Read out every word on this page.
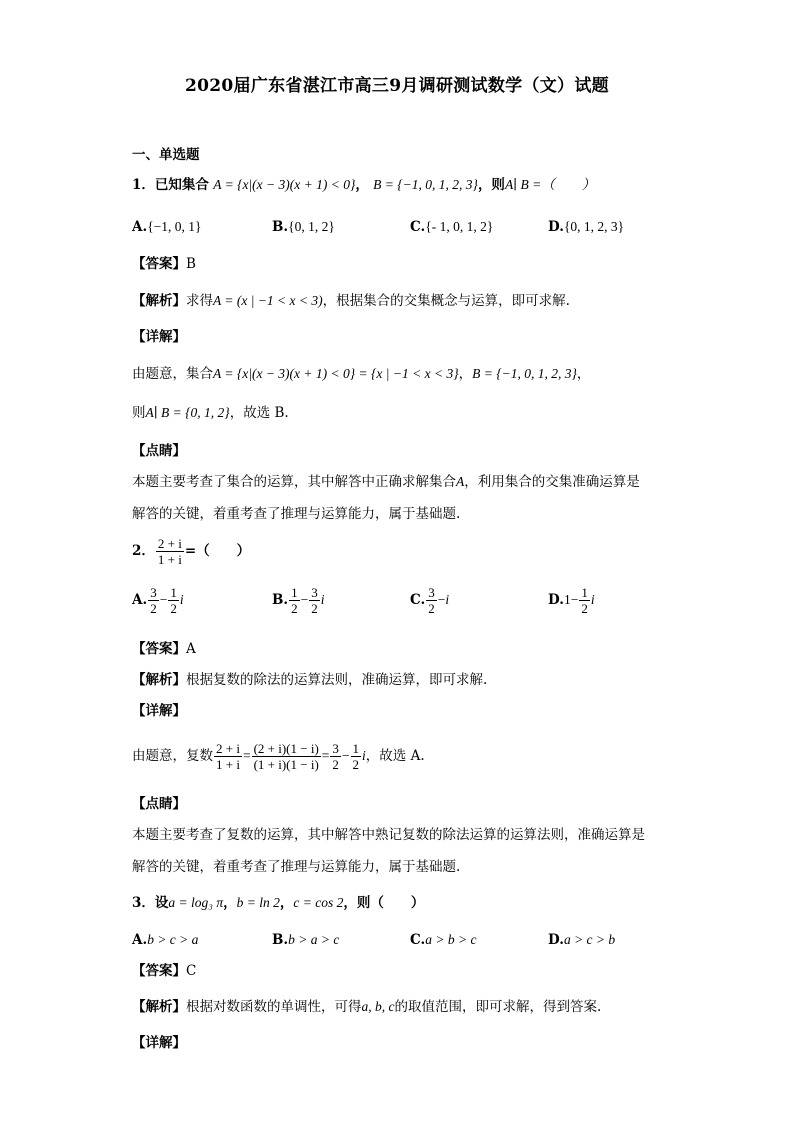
2020届广东省湛江市高三9月调研测试数学（文）试题
一、单选题
1．已知集合 A = {x|(x − 3)(x + 1) < 0}， B = {−1, 0, 1, 2, 3}，则A∣ B =（　　）
A.{−1, 0, 1}	B.{0, 1, 2}	C.{- 1, 0, 1, 2}	D.{0, 1, 2, 3}
【答案】B
【解析】求得A = (x | −1 < x < 3)，根据集合的交集概念与运算，即可求解.
【详解】
由题意，集合A = {x|(x − 3)(x + 1) < 0} = {x | −1 < x < 3}，B = {−1, 0, 1, 2, 3}，
则A∣ B = {0, 1, 2}，故选 B.
【点睛】
本题主要考查了集合的运算，其中解答中正确求解集合A，利用集合的交集准确运算是
解答的关键，着重考查了推理与运算能力，属于基础题.
2． $\frac{2 + i}{1 + i}$ =（　　）
A. $\frac{3}{2} - \frac{1}{2}$ i	B. $\frac{1}{2} - \frac{3}{2}$ i	C. $\frac{3}{2} -i$	$D.1- \frac{1}{2}$ i
【答案】A
【解析】根据复数的除法的运算法则，准确运算，即可求解.
【详解】
由题意，复数 $\frac{2 + i}{1 + i} = \frac{(2 + i)(1 - i)}{(1 + i)(1 - i)} = \frac{3}{2} - \frac{1}{2}$ i，故选 A.
【点睛】
本题主要考查了复数的运算，其中解答中熟记复数的除法运算的运算法则，准确运算是
解答的关键，着重考查了推理与运算能力，属于基础题.
3．设a = log₃ π，b = ln 2，c = cos 2，则（　　）
A.b > c > a	B.b > a > c	C.a > b > c	D.a > c > b
【答案】C
【解析】根据对数函数的单调性，可得a, b, c的取值范围，即可求解，得到答案.
【详解】
